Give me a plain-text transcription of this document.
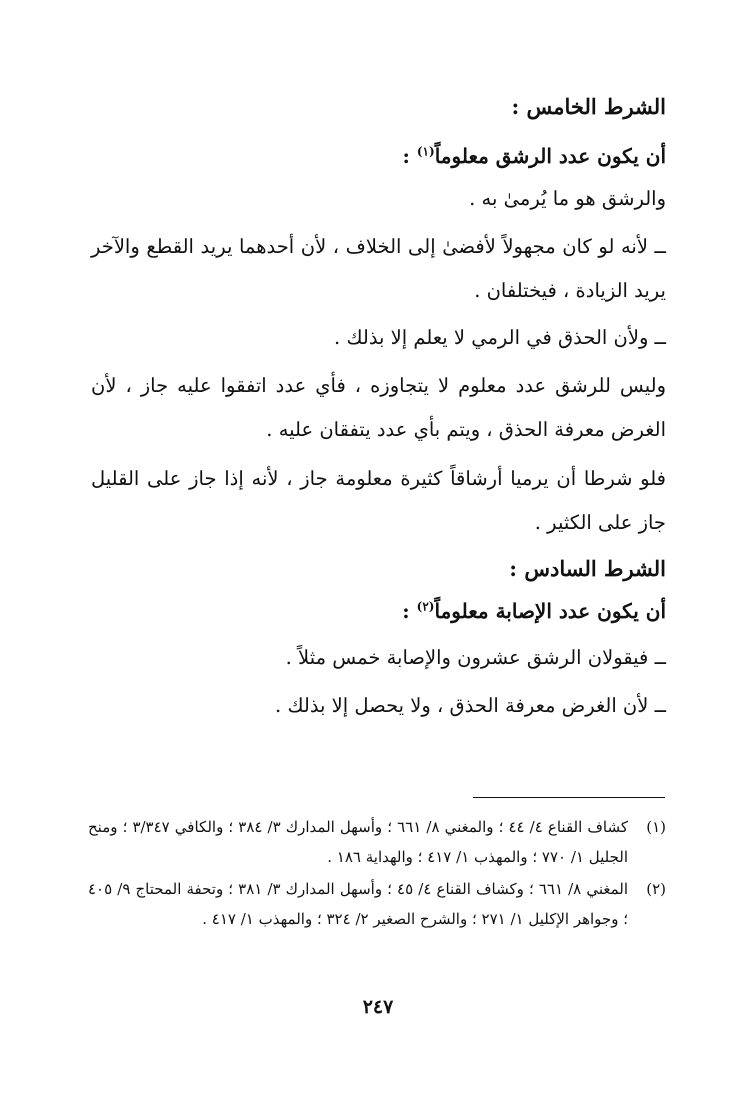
الشرط الخامس :
أن يكون عدد الرشق معلوماً$^{(١)}$ :
والرشق هو ما يُرمىٰ به .
ــ لأنه لو كان مجهولاً لأفضىٰ إلى الخلاف ، لأن أحدهما يريد القطع والآخر يريد الزيادة ، فيختلفان .
ــ ولأن الحذق في الرمي لا يعلم إلا بذلك .
وليس للرشق عدد معلوم لا يتجاوزه ، فأي عدد اتفقوا عليه جاز ، لأن الغرض معرفة الحذق ، ويتم بأي عدد يتفقان عليه .
فلو شرطا أن يرميا أرشاقاً كثيرة معلومة جاز ، لأنه إذا جاز على القليل جاز على الكثير .
الشرط السادس :
أن يكون عدد الإصابة معلوماً$^{(٢)}$ :
ــ فيقولان الرشق عشرون والإصابة خمس مثلاً .
ــ لأن الغرض معرفة الحذق ، ولا يحصل إلا بذلك .
(١)
كشاف القناع ٤/ ٤٤ ؛ والمغني ٨/ ٦٦١ ؛ وأسهل المدارك ٣/ ٣٨٤ ؛ والكافي ٣/٣٤٧ ؛ ومنح الجليل ١/ ٧٧٠ ؛ والمهذب ١/ ٤١٧ ؛ والهداية ١٨٦ .
(٢)
المغني ٨/ ٦٦١ ؛ وكشاف القناع ٤/ ٤٥ ؛ وأسهل المدارك ٣/ ٣٨١ ؛ وتحفة المحتاج ٩/ ٤٠٥ ؛ وجواهر الإكليل ١/ ٢٧١ ؛ والشرح الصغير ٢/ ٣٢٤ ؛ والمهذب ١/ ٤١٧ .
٢٤٧
